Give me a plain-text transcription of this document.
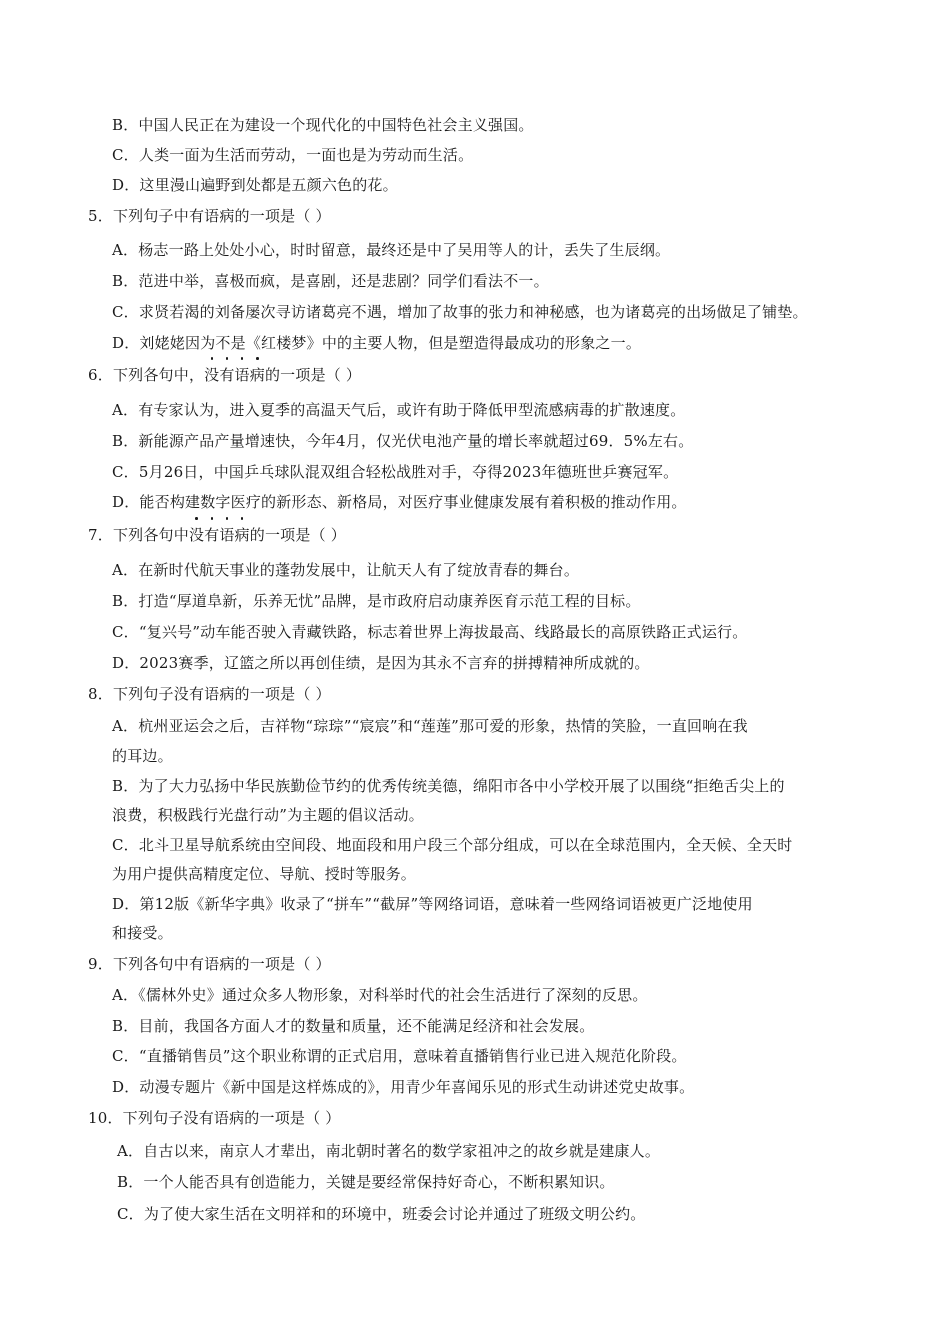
B．中国人民正在为建设一个现代化的中国特色社会主义强国。
C．人类一面为生活而劳动，一面也是为劳动而生活。
D．这里漫山遍野到处都是五颜六色的花。
5．下列句子中有语病的一项是（ ）
A．杨志一路上处处小心，时时留意，最终还是中了吴用等人的计，丢失了生辰纲。
B．范进中举，喜极而疯，是喜剧，还是悲剧？同学们看法不一。
C．求贤若渴的刘备屡次寻访诸葛亮不遇，增加了故事的张力和神秘感，也为诸葛亮的出场做足了铺垫。
D．刘姥姥因为不是《红楼梦》中的主要人物，但是塑造得最成功的形象之一。
6．下列各句中，
没有语病的一项是（ ）
A．有专家认为，进入夏季的高温天气后，或许有助于降低甲型流感病毒的扩散速度。
B．新能源产品产量增速快，今年4月，仅光伏电池产量的增长率就超过69．5%左右。
C．5月26日，中国乒乓球队混双组合轻松战胜对手，夺得2023年德班世乒赛冠军。
D．能否构建数字医疗的新形态、新格局，对医疗事业健康发展有着积极的推动作用。
7．下列各句中
没有语病的一项是（ ）
A．在新时代航天事业的蓬勃发展中，让航天人有了绽放青春的舞台。
B．打造“厚道阜新，乐养无忧”品牌，是市政府启动康养医育示范工程的目标。
C．“复兴号”动车能否驶入青藏铁路，标志着世界上海拔最高、线路最长的高原铁路正式运行。
D．2023赛季，辽篮之所以再创佳绩，是因为其永不言弃的拼搏精神所成就的。
8．下列句子没有语病的一项是（ ）
A．杭州亚运会之后，吉祥物“琮琮”“宸宸”和“莲莲”那可爱的形象，热情的笑脸，一直回响在我
的耳边。
B．为了大力弘扬中华民族勤俭节约的优秀传统美德，绵阳市各中小学校开展了以围绕“拒绝舌尖上的
浪费，积极践行光盘行动”为主题的倡议活动。
C．北斗卫星导航系统由空间段、地面段和用户段三个部分组成，可以在全球范围内，全天候、全天时
为用户提供高精度定位、导航、授时等服务。
D．第12版《新华字典》收录了“拼车”“截屏”等网络词语，意味着一些网络词语被更广泛地使用
和接受。
9．下列各句中有语病的一项是（ ）
A．《儒林外史》通过众多人物形象，对科举时代的社会生活进行了深刻的反思。
B．目前，我国各方面人才的数量和质量，还不能满足经济和社会发展。
C．“直播销售员”这个职业称谓的正式启用，意味着直播销售行业已进入规范化阶段。
D．动漫专题片《新中国是这样炼成的》，用青少年喜闻乐见的形式生动讲述党史故事。
10．下列句子没有语病的一项是（ ）
A．自古以来，南京人才辈出，南北朝时著名的数学家祖冲之的故乡就是建康人。
B．一个人能否具有创造能力，关键是要经常保持好奇心，不断积累知识。
C．为了使大家生活在文明祥和的环境中，班委会讨论并通过了班级文明公约。
